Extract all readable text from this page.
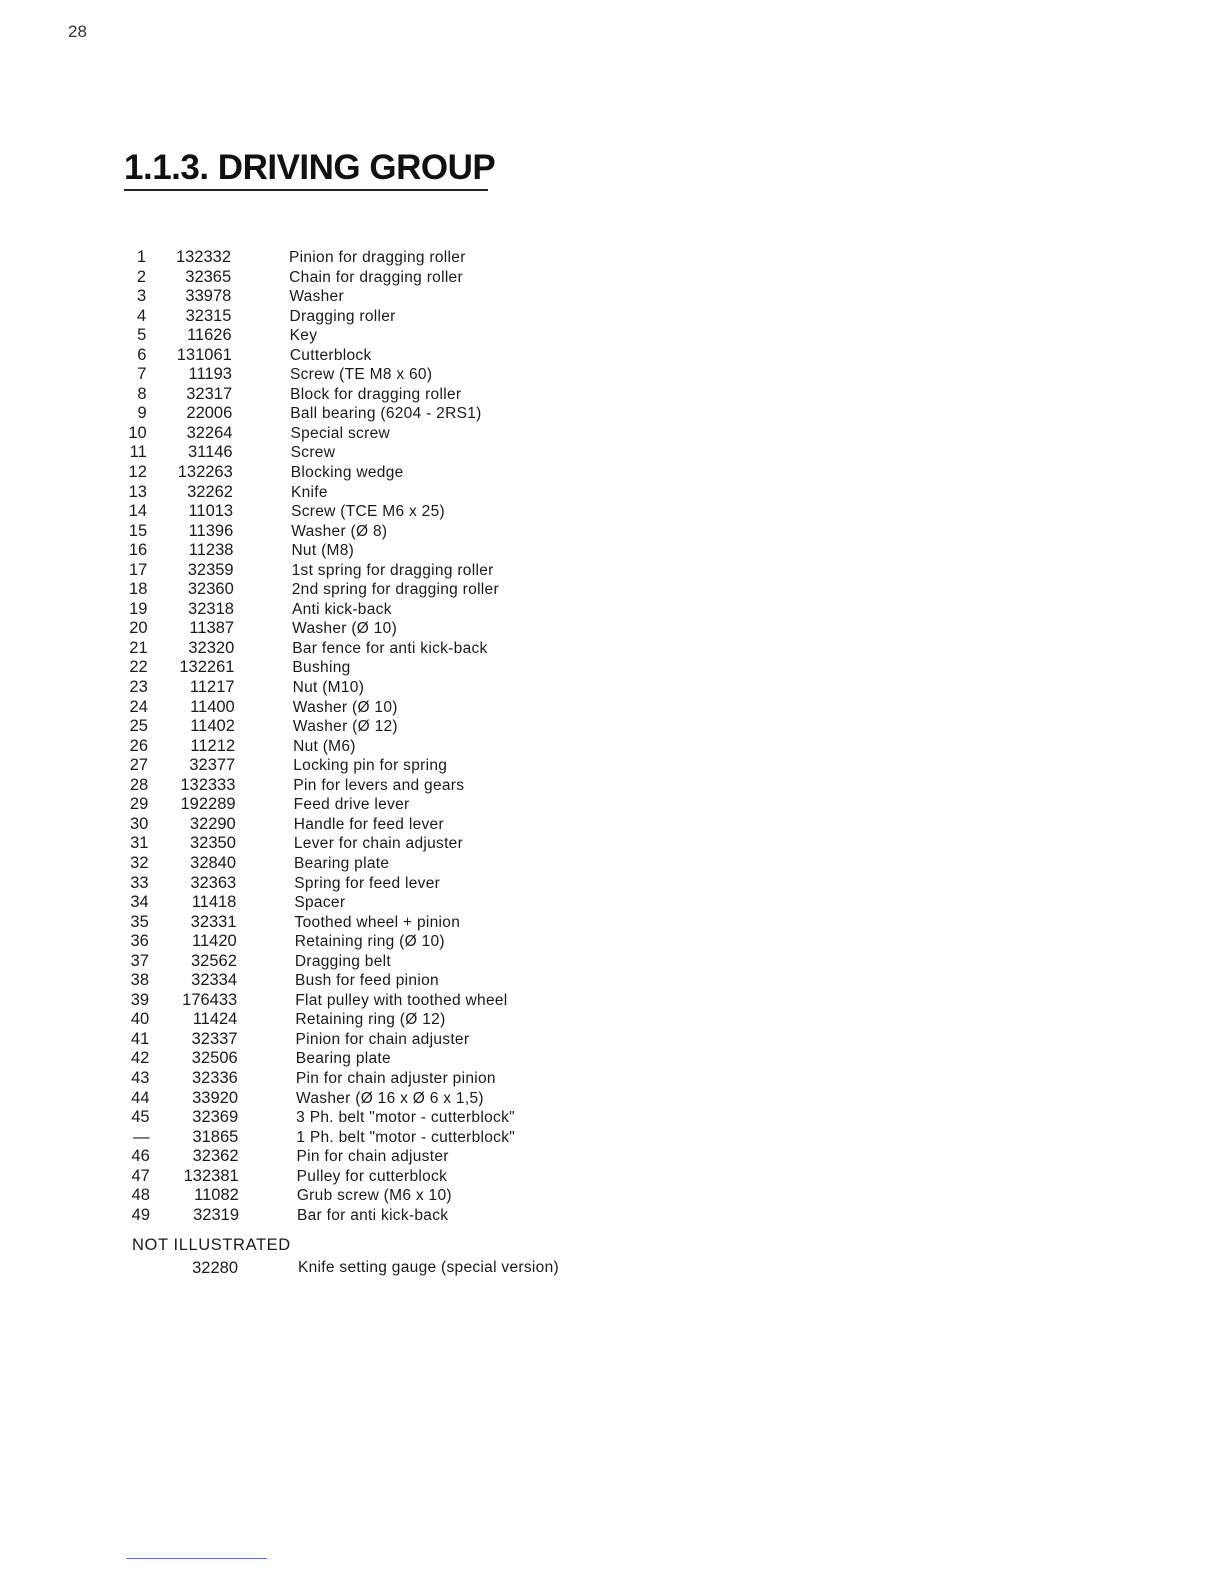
28
1.1.3. DRIVING GROUP
1	132332	Pinion for dragging roller
2	32365	Chain for dragging roller
3	33978	Washer
4	32315	Dragging roller
5	11626	Key
6	131061	Cutterblock
7	11193	Screw (TE M8 x 60)
8	32317	Block for dragging roller
9	22006	Ball bearing (6204 - 2RS1)
10	32264	Special screw
11	31146	Screw
12	132263	Blocking wedge
13	32262	Knife
14	11013	Screw (TCE M6 x 25)
15	11396	Washer (Ø 8)
16	11238	Nut (M8)
17	32359	1st spring for dragging roller
18	32360	2nd spring for dragging roller
19	32318	Anti kick-back
20	11387	Washer (Ø 10)
21	32320	Bar fence for anti kick-back
22	132261	Bushing
23	11217	Nut (M10)
24	11400	Washer (Ø 10)
25	11402	Washer (Ø 12)
26	11212	Nut (M6)
27	32377	Locking pin for spring
28	132333	Pin for levers and gears
29	192289	Feed drive lever
30	32290	Handle for feed lever
31	32350	Lever for chain adjuster
32	32840	Bearing plate
33	32363	Spring for feed lever
34	11418	Spacer
35	32331	Toothed wheel + pinion
36	11420	Retaining ring (Ø 10)
37	32562	Dragging belt
38	32334	Bush for feed pinion
39	176433	Flat pulley with toothed wheel
40	11424	Retaining ring (Ø 12)
41	32337	Pinion for chain adjuster
42	32506	Bearing plate
43	32336	Pin for chain adjuster pinion
44	33920	Washer (Ø 16 x Ø 6 x 1,5)
45	32369	3 Ph. belt "motor - cutterblock"
—	31865	1 Ph. belt "motor - cutterblock"
46	32362	Pin for chain adjuster
47	132381	Pulley for cutterblock
48	11082	Grub screw (M6 x 10)
49	32319	Bar for anti kick-back
NOT ILLUSTRATED
32280	Knife setting gauge (special version)
